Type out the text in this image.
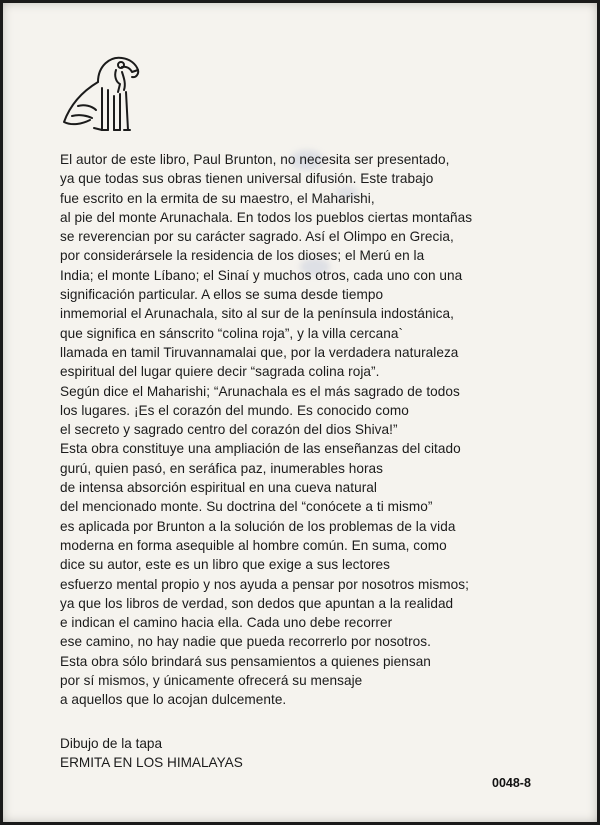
El autor de este libro, Paul Brunton, no necesita ser presentado,
ya que todas sus obras tienen universal difusión. Este trabajo
fue escrito en la ermita de su maestro, el Maharishi,
al pie del monte Arunachala. En todos los pueblos ciertas montañas
se reverencian por su carácter sagrado. Así el Olimpo en Grecia,
por considerársele la residencia de los dioses; el Merú en la
India; el monte Líbano; el Sinaí y muchos otros, cada uno con una
significación particular. A ellos se suma desde tiempo
inmemorial el Arunachala, sito al sur de la península indostánica,
que significa en sánscrito “colina roja”, y la villa cercana`
llamada en tamil Tiruvannamalai que, por la verdadera naturaleza
espiritual del lugar quiere decir “sagrada colina roja”.
Según dice el Maharishi; “Arunachala es el más sagrado de todos
los lugares. ¡Es el corazón del mundo. Es conocido como
el secreto y sagrado centro del corazón del dios Shiva!”
Esta obra constituye una ampliación de las enseñanzas del citado
gurú, quien pasó, en seráfica paz, inumerables horas
de intensa absorción espiritual en una cueva natural
del mencionado monte. Su doctrina del “conócete a ti mismo”
es aplicada por Brunton a la solución de los problemas de la vida
moderna en forma asequible al hombre común. En suma, como
dice su autor, este es un libro que exige a sus lectores
esfuerzo mental propio y nos ayuda a pensar por nosotros mismos;
ya que los libros de verdad, son dedos que apuntan a la realidad
e indican el camino hacia ella. Cada uno debe recorrer
ese camino, no hay nadie que pueda recorrerlo por nosotros.
Esta obra sólo brindará sus pensamientos a quienes piensan
por sí mismos, y únicamente ofrecerá su mensaje
a aquellos que lo acojan dulcemente.

Dibujo de la tapa
ERMITA EN LOS HIMALAYAS

0048-8
